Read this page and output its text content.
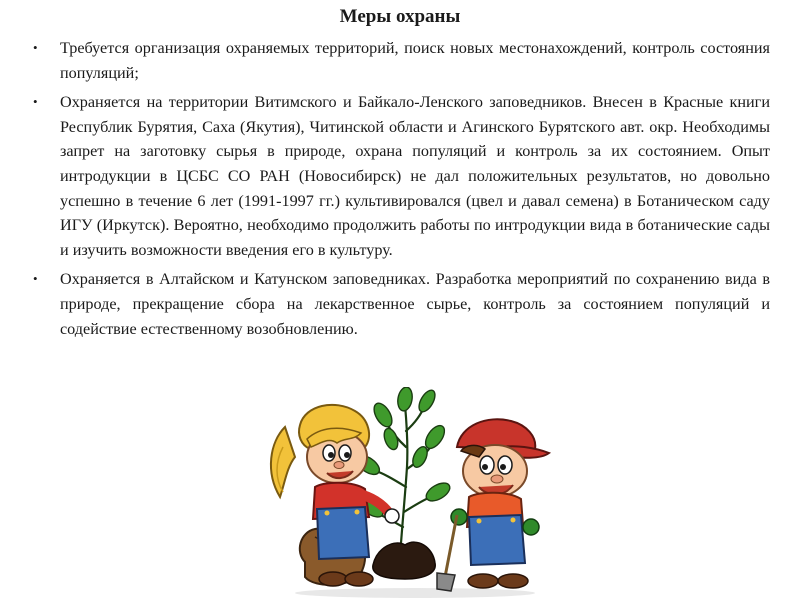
Меры охраны
• Требуется организация охраняемых территорий, поиск новых местонахождений, контроль состояния популяций;
• Охраняется на территории Витимского и Байкало-Ленского заповедников. Внесен в Красные книги Республик Бурятия, Саха (Якутия), Читинской области и Агинского Бурятского авт. окр. Необходимы запрет на заготовку сырья в природе, охрана популяций и контроль за их состоянием. Опыт интродукции в ЦСБС СО РАН (Новосибирск) не дал положительных результатов, но довольно успешно в течение 6 лет (1991-1997 гг.) культивировался (цвел и давал семена) в Ботаническом саду ИГУ (Иркутск). Вероятно, необходимо продолжить работы по интродукции вида в ботанические сады и изучить возможности введения его в культуру.
• Охраняется в Алтайском и Катунском заповедниках. Разработка мероприятий по сохранению вида в природе, прекращение сбора на лекарственное сырье, контроль за состоянием популяций и содействие естественному возобновлению.
